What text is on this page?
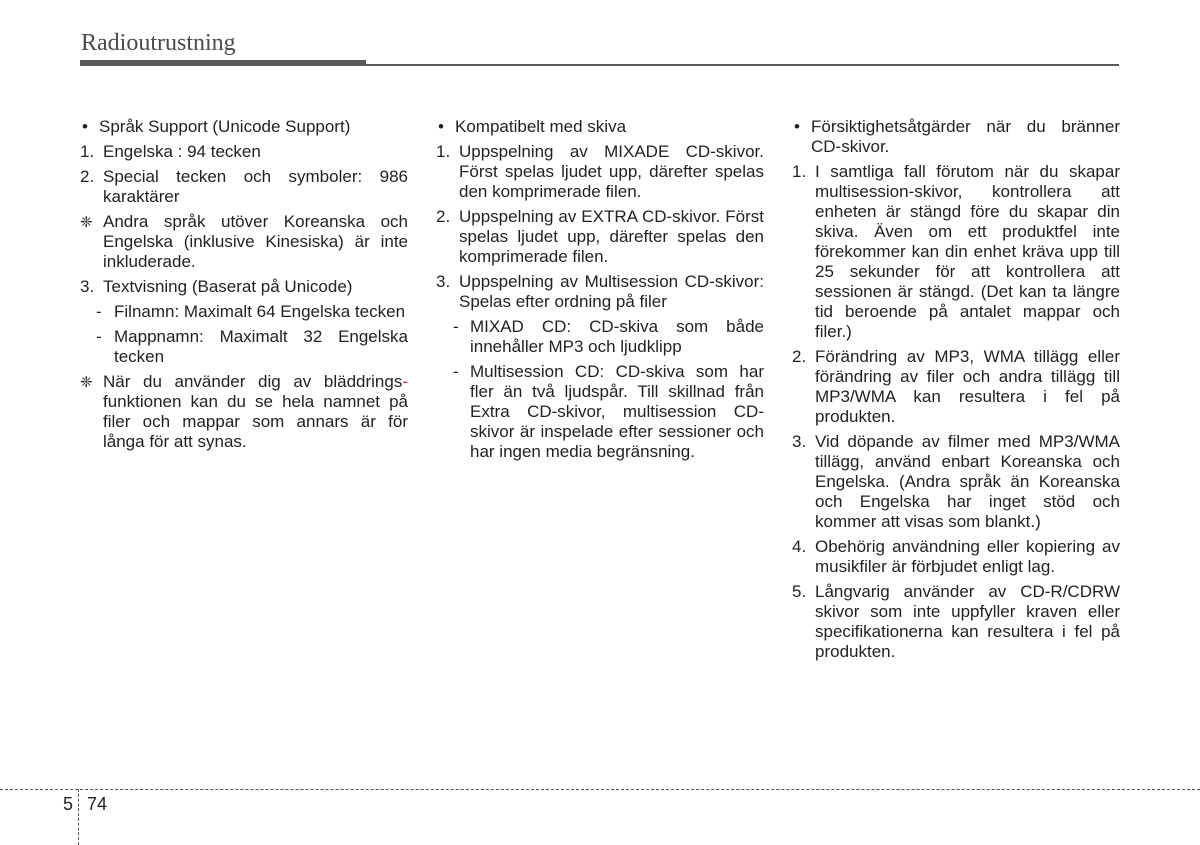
Radioutrustning
• Språk Support (Unicode Support)
1. Engelska : 94 tecken
2. Special tecken och symboler: 986 karaktärer
❈ Andra språk utöver Koreanska och Engelska (inklusive Kinesiska) är inte inkluderade.
3. Textvisning (Baserat på Unicode)
- Filnamn: Maximalt 64 Engelska tecken
- Mappnamn: Maximalt 32 Engelska tecken
❈ När du använder dig av bläddrings- funktionen kan du se hela namnet på filer och mappar som annars är för långa för att synas.
• Kompatibelt med skiva
1. Uppspelning av MIXADE CD-skivor. Först spelas ljudet upp, därefter spelas den komprimerade filen.
2. Uppspelning av EXTRA CD-skivor. Först spelas ljudet upp, därefter spelas den komprimerade filen.
3. Uppspelning av Multisession CD-skivor: Spelas efter ordning på filer
- MIXAD CD: CD-skiva som både innehåller MP3 och ljudklipp
- Multisession CD: CD-skiva som har fler än två ljudspår. Till skillnad från Extra CD-skivor, multisession CD-skivor är inspelade efter sessioner och har ingen media begränsning.
• Försiktighetsåtgärder när du bränner CD-skivor.
1. I samtliga fall förutom när du skapar multisession-skivor, kontrollera att enheten är stängd före du skapar din skiva. Även om ett produktfel inte förekommer kan din enhet kräva upp till 25 sekunder för att kontrollera att sessionen är stängd. (Det kan ta längre tid beroende på antalet mappar och filer.)
2. Förändring av MP3, WMA tillägg eller förändring av filer och andra tillägg till MP3/WMA kan resultera i fel på produkten.
3. Vid döpande av filmer med MP3/WMA tillägg, använd enbart Koreanska och Engelska. (Andra språk än Koreanska och Engelska har inget stöd och kommer att visas som blankt.)
4. Obehörig användning eller kopiering av musikfiler är förbjudet enligt lag.
5. Långvarig använder av CD-R/CDRW skivor som inte uppfyller kraven eller specifikationerna kan resultera i fel på produkten.
5 74
